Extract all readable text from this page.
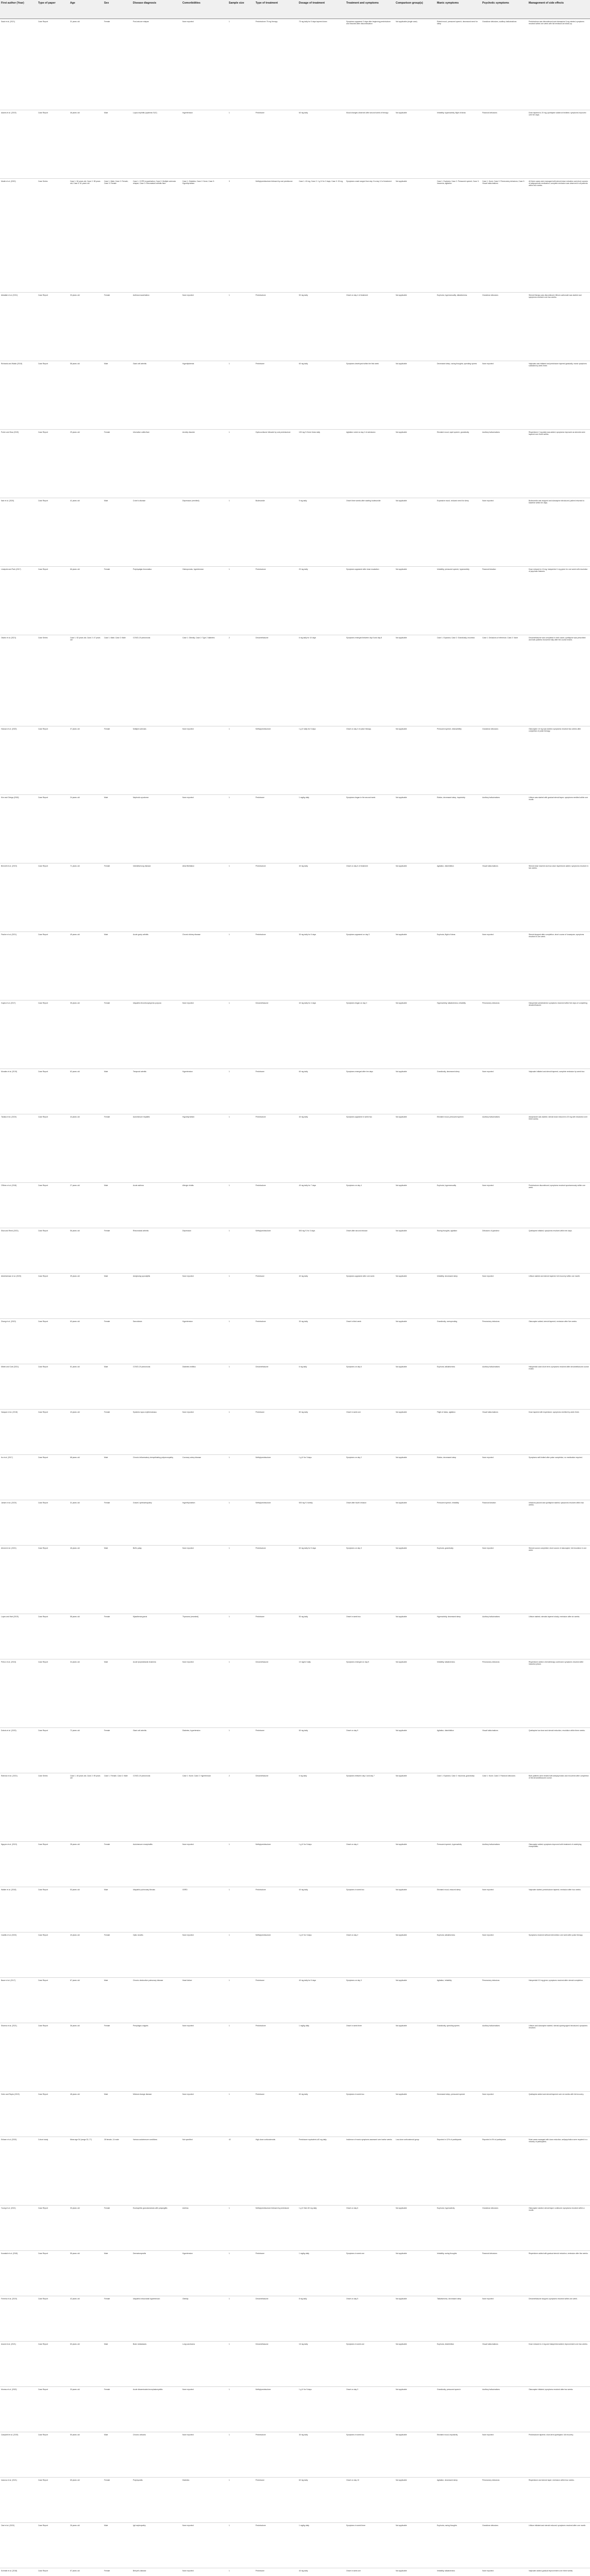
First author (Year)	Type of paper	Age	Sex	Disease diagnosis	Comorbidities	Sample size	Type of treatment	Dosage of treatment	Treatment and symptoms	Comparison group(s)	Manic symptoms	Psychotic symptoms	Management of side effects
Saad et al. (2021)	Case Report	31 years old	Female	Post-seizure relapse	None reported	1	Prednisolone 75 mg therapy	75 mg daily for 5 days tapered down	Symptoms appeared 3 days after beginning prednisolone and resolved after discontinuation	Not applicable (single case)	Elated mood, pressured speech, decreased need for sleep	Grandiose delusions, auditory hallucinations	Prednisolone was discontinued and olanzapine 5 mg started; symptoms resolved within one week with full remission at follow-up.
Adams et al. (2019)	Case Report	46 years old	Male	Lupus nephritis (systemic SLE)	Hypertension	1	Prednisone	60 mg daily	Mood changes observed after second week of therapy	Not applicable	Irritability, hyperactivity, flight of ideas	Paranoid delusions	Dose tapered to 20 mg; quetiapine added at bedtime; symptoms improved over ten days.
Martin et al. (2020)	Case Series	Case 1: 54 years old; Case 2: 38 years old; Case 3: 61 years old	Case 1: Male; Case 2: Female; Case 3: Female	Case 1: COPD exacerbation; Case 2: Multiple sclerosis relapse; Case 3: Rheumatoid arthritis flare	Case 1: Diabetes; Case 2: None; Case 3: Hypothyroidism	3	Methylprednisolone followed by oral prednisone	Case 1: 40 mg; Case 2: 1 g IV for 3 days; Case 3: 30 mg	Symptoms onset ranged from day 3 to day 12 of treatment	Not applicable	Case 1: Euphoria; Case 2: Pressured speech; Case 3: Insomnia, agitation	Case 1: None; Case 2: Persecutory delusions; Case 3: Visual hallucinations	All three cases were managed with steroid dose reduction and short courses of antipsychotic medication; complete remission was observed in all patients within four weeks.
Abdallah et al. (2021)	Case Report	33 years old	Female	Asthma exacerbation	None reported	1	Prednisolone	50 mg daily	Onset on day 4 of treatment	Not applicable	Euphoria, hypersexuality, talkativeness	Grandiose delusions	Steroid therapy was discontinued; lithium carbonate was started and symptoms resolved over two weeks.
Richards and Walsh (2018)	Case Report	58 years old	Male	Giant cell arteritis	Hyperlipidemia	1	Prednisone	60 mg daily	Symptoms developed within the first week	Not applicable	Decreased sleep, racing thoughts, spending sprees	None reported	Valproate was initiated and prednisone tapered gradually; manic symptoms subsided by week three.
Porter and Diaz (2019)	Case Report	29 years old	Female	Ulcerative colitis flare	Anxiety disorder	1	Hydrocortisone followed by oral prednisolone	100 mg IV three times daily	Agitation noted on day 2 of admission	Not applicable	Elevated mood, rapid speech, grandiosity	Auditory hallucinations	Risperidone 2 mg daily was added; symptoms improved as steroids were tapered over three weeks.
Nair et al. (2020)	Case Report	41 years old	Male	Crohn's disease	Depression (remitted)	1	Budesonide	9 mg daily	Onset three weeks after starting budesonide	Not applicable	Expansive mood, reduced need for sleep	None reported	Budesonide was stopped and olanzapine introduced; patient returned to baseline within ten days.
Lindqvist and Park (2017)	Case Report	66 years old	Female	Polymyalgia rheumatica	Osteoporosis, hypertension	1	Prednisolone	20 mg daily	Symptoms appeared after dose escalation	Not applicable	Irritability, pressured speech, hyperactivity	Paranoid ideation	Dose reduced to 10 mg; haloperidol 1 mg given for one week with resolution of psychotic features.
Okafor et al. (2021)	Case Series	Case 1: 52 years old; Case 2: 47 years old	Case 1: Male; Case 2: Male	COVID-19 pneumonia	Case 1: Obesity; Case 2: Type 2 diabetes	2	Dexamethasone	6 mg daily for 10 days	Symptoms emerged between day 5 and day 8	Not applicable	Case 1: Euphoria; Case 2: Grandiosity, insomnia	Case 1: Delusions of reference; Case 2: None	Dexamethasone was completed in both cases; quetiapine was prescribed and both patients recovered fully after the course ended.
Hassan et al. (2020)	Case Report	37 years old	Female	Multiple sclerosis	None reported	1	Methylprednisolone	1 g IV daily for 5 days	Onset on day 3 of pulse therapy	Not applicable	Pressured speech, distractibility	Grandiose delusions	Olanzapine 10 mg was started; symptoms resolved two weeks after completion of pulse therapy.
Kim and Ortega (2018)	Case Report	24 years old	Male	Nephrotic syndrome	None reported	1	Prednisone	1 mg/kg daily	Symptoms began in the second week	Not applicable	Elation, decreased sleep, impulsivity	Auditory hallucinations	Lithium was started with gradual steroid taper; symptoms remitted within one month.
Bennett et al. (2019)	Case Report	71 years old	Female	Interstitial lung disease	Atrial fibrillation	1	Prednisolone	40 mg daily	Onset on day 6 of treatment	Not applicable	Agitation, disinhibition	Visual hallucinations	Steroid dose lowered and low-dose risperidone added; symptoms resolved in two weeks.
Fischer et al. (2021)	Case Report	49 years old	Male	Acute gouty arthritis	Chronic kidney disease	1	Prednisolone	30 mg daily for 5 days	Symptoms appeared on day 3	Not applicable	Euphoria, flight of ideas	None reported	Steroid stopped after completion; short course of lorazepam; symptoms resolved in one week.
Gupta et al. (2017)	Case Report	35 years old	Female	Idiopathic thrombocytopenic purpura	None reported	1	Dexamethasone	40 mg daily for 4 days	Symptoms began on day 2	Not applicable	Hyperactivity, talkativeness, irritability	Persecutory delusions	Haloperidol administered; symptoms resolved within five days of completing dexamethasone.
Morales et al. (2019)	Case Report	62 years old	Male	Temporal arteritis	Hypertension	1	Prednisone	60 mg daily	Symptoms emerged after ten days	Not applicable	Grandiosity, decreased sleep	None reported	Valproate initiated and steroid tapered; complete remission by week four.
Tanaka et al. (2020)	Case Report	44 years old	Female	Autoimmune hepatitis	Hypothyroidism	1	Prednisolone	40 mg daily	Symptoms appeared in week two	Not applicable	Elevated mood, pressured speech	Auditory hallucinations	Aripiprazole was started; steroid dose reduced to 20 mg with resolution over three weeks.
O'Brien et al. (2018)	Case Report	27 years old	Male	Acute asthma	Allergic rhinitis	1	Prednisolone	40 mg daily for 7 days	Symptoms on day 4	Not applicable	Euphoria, hypersexuality	None reported	Prednisolone discontinued; symptoms resolved spontaneously within one week.
Silva and Reed (2021)	Case Report	56 years old	Female	Rheumatoid arthritis	Depression	1	Methylprednisolone	500 mg IV for 3 days	Onset after second infusion	Not applicable	Racing thoughts, agitation	Delusions of grandeur	Quetiapine initiated; symptoms resolved within ten days.
Abdelrahman et al. (2020)	Case Report	39 years old	Male	Ankylosing spondylitis	None reported	1	Prednisone	40 mg daily	Symptoms appeared after one week	Not applicable	Irritability, decreased sleep	None reported	Lithium started and steroid tapered; full recovery within one month.
Zhang et al. (2019)	Case Report	63 years old	Female	Sarcoidosis	Hypertension	1	Prednisolone	30 mg daily	Onset in third week	Not applicable	Grandiosity, overspending	Persecutory delusions	Olanzapine added; steroid tapered; remission after five weeks.
Mbeki and Cole (2021)	Case Report	51 years old	Male	COVID-19 pneumonia	Diabetes mellitus	1	Dexamethasone	6 mg daily	Symptoms on day 6	Not applicable	Euphoria, talkativeness	Auditory hallucinations	Haloperidol used short term; symptoms resolved after dexamethasone course ended.
Vasquez et al. (2018)	Case Report	43 years old	Female	Systemic lupus erythematosus	None reported	1	Prednisone	80 mg daily	Onset in week one	Not applicable	Flight of ideas, agitation	Visual hallucinations	Dose tapered with risperidone; symptoms remitted by week three.
Ito et al. (2017)	Case Report	68 years old	Male	Chronic inflammatory demyelinating polyneuropathy	Coronary artery disease	1	Methylprednisolone	1 g IV for 3 days	Symptoms on day 2	Not applicable	Elation, decreased sleep	None reported	Symptoms self-limited after pulse completion; no medication required.
Jansen et al. (2020)	Case Report	31 years old	Female	Graves' ophthalmopathy	Hyperthyroidism	1	Methylprednisolone	500 mg IV weekly	Onset after fourth infusion	Not applicable	Pressured speech, irritability	Paranoid ideation	Infusions paused and quetiapine started; symptoms resolved within two weeks.
Ahmed et al. (2021)	Case Report	46 years old	Male	Bell's palsy	None reported	1	Prednisolone	60 mg daily for 5 days	Symptoms on day 3	Not applicable	Euphoria, grandiosity	None reported	Steroid course completed; short course of olanzapine; full resolution in one week.
Lopez and Hart (2019)	Case Report	58 years old	Female	Myasthenia gravis	Thymoma (resected)	1	Prednisone	50 mg daily	Onset in week two	Not applicable	Hyperactivity, decreased sleep	Auditory hallucinations	Lithium started; steroids tapered slowly; remission after six weeks.
Petrov et al. (2018)	Case Report	34 years old	Male	Acute lymphoblastic leukemia	None reported	1	Dexamethasone	10 mg/m2 daily	Symptoms emerged on day 5	Not applicable	Irritability, talkativeness	Persecutory delusions	Risperidone added; chemotherapy continued; symptoms resolved after induction phase.
Dubois et al. (2020)	Case Report	72 years old	Female	Giant cell arteritis	Diabetes, hypertension	1	Prednisone	60 mg daily	Onset on day 9	Not applicable	Agitation, disinhibition	Visual hallucinations	Quetiapine low dose and steroid reduction; resolution within three weeks.
Rahman et al. (2021)	Case Series	Case 1: 45 years old; Case 2: 59 years old	Case 1: Female; Case 2: Male	COVID-19 pneumonia	Case 1: None; Case 2: Hypertension	2	Dexamethasone	6 mg daily	Symptoms between day 4 and day 7	Not applicable	Case 1: Euphoria; Case 2: Insomnia, grandiosity	Case 1: None; Case 2: Paranoid delusions	Both patients were treated with antipsychotics and recovered after completion of the dexamethasone course.
Nguyen et al. (2019)	Case Report	28 years old	Female	Autoimmune encephalitis	None reported	1	Methylprednisolone	1 g IV for 5 days	Onset on day 4	Not applicable	Pressured speech, hyperactivity	Auditory hallucinations	Olanzapine added; symptoms improved with treatment of underlying encephalitis.
Walker et al. (2018)	Case Report	53 years old	Male	Idiopathic pulmonary fibrosis	GERD	1	Prednisolone	40 mg daily	Symptoms in week two	Not applicable	Elevated mood, reduced sleep	None reported	Valproate started; prednisolone tapered; remission after four weeks.
Castillo et al. (2020)	Case Report	40 years old	Female	Optic neuritis	None reported	1	Methylprednisolone	1 g IV for 3 days	Onset on day 2	Not applicable	Euphoria, talkativeness	None reported	Symptoms resolved without intervention one week after pulse therapy.
Bauer et al. (2017)	Case Report	67 years old	Male	Chronic obstructive pulmonary disease	Heart failure	1	Prednisone	40 mg daily for 5 days	Symptoms on day 3	Not applicable	Agitation, irritability	Persecutory delusions	Haloperidol 0.5 mg given; symptoms resolved after steroid completion.
Sharma et al. (2021)	Case Report	36 years old	Female	Pemphigus vulgaris	None reported	1	Prednisolone	1 mg/kg daily	Onset in week three	Not applicable	Grandiosity, spending sprees	Auditory hallucinations	Lithium and olanzapine started; steroid-sparing agent introduced; symptoms resolved.
Holm and Reyes (2019)	Case Report	48 years old	Male	Minimal change disease	None reported	1	Prednisone	60 mg daily	Symptoms in week two	Not applicable	Decreased sleep, pressured speech	None reported	Quetiapine added and steroid tapered over six weeks with full recovery.
Eriksen et al. (2020)	Cohort study	Mean age 54 (range 32–77)	28 female, 14 male	Various autoimmune conditions	Not specified	42	High-dose corticosteroids	Prednisone equivalent ≥40 mg daily	Incidence of manic symptoms assessed over twelve weeks	Low-dose corticosteroid group	Reported in 12% of participants	Reported in 5% of participants	Most cases managed with dose reduction; antipsychotics were required in a minority of participants.
Young et al. (2021)	Case Report	30 years old	Female	Eosinophilic granulomatosis with polyangiitis	Asthma	1	Methylprednisolone followed by prednisone	1 g IV then 60 mg daily	Onset on day 6	Not applicable	Euphoria, hyperactivity	Grandiose delusions	Olanzapine started; steroid taper continued; symptoms resolved within a month.
Kowalski et al. (2018)	Case Report	55 years old	Male	Dermatomyositis	Hypertension	1	Prednisone	1 mg/kg daily	Symptoms in week one	Not applicable	Irritability, racing thoughts	Paranoid delusions	Risperidone added with gradual steroid reduction; remission after five weeks.
Ferreira et al. (2019)	Case Report	42 years old	Female	Idiopathic intracranial hypertension	Obesity	1	Dexamethasone	8 mg daily	Onset on day 5	Not applicable	Talkativeness, decreased sleep	None reported	Dexamethasone stopped; symptoms resolved within one week.
Anand et al. (2021)	Case Report	60 years old	Male	Brain metastases	Lung carcinoma	1	Dexamethasone	16 mg daily	Symptoms in week one	Not applicable	Euphoria, disinhibition	Visual hallucinations	Dose reduced to 4 mg and haloperidol added; improvement over two weeks.
Moreau et al. (2020)	Case Report	33 years old	Female	Acute disseminated encephalomyelitis	None reported	1	Methylprednisolone	1 g IV for 5 days	Onset on day 3	Not applicable	Grandiosity, pressured speech	Auditory hallucinations	Olanzapine initiated; symptoms resolved after two weeks.
Campbell et al. (2019)	Case Report	50 years old	Male	Chronic urticaria	None reported	1	Prednisolone	30 mg daily	Symptoms in week two	Not applicable	Elevated mood, impulsivity	None reported	Prednisolone tapered; short-term quetiapine; full recovery.
Ivanova et al. (2021)	Case Report	65 years old	Female	Polymyositis	Diabetes	1	Prednisone	60 mg daily	Onset on day 10	Not applicable	Agitation, decreased sleep	Persecutory delusions	Risperidone and steroid taper; remission within four weeks.
Osei et al. (2020)	Case Report	26 years old	Male	IgA nephropathy	None reported	1	Prednisolone	1 mg/kg daily	Symptoms in week three	Not applicable	Euphoria, racing thoughts	Grandiose delusions	Lithium initiated and steroid reduced; symptoms resolved after one month.
Schmidt et al. (2018)	Case Report	57 years old	Female	Behçet's disease	None reported	1	Prednisone	40 mg daily	Onset in week one	Not applicable	Irritability, talkativeness	None reported	Valproate added; gradual improvement over three weeks.
